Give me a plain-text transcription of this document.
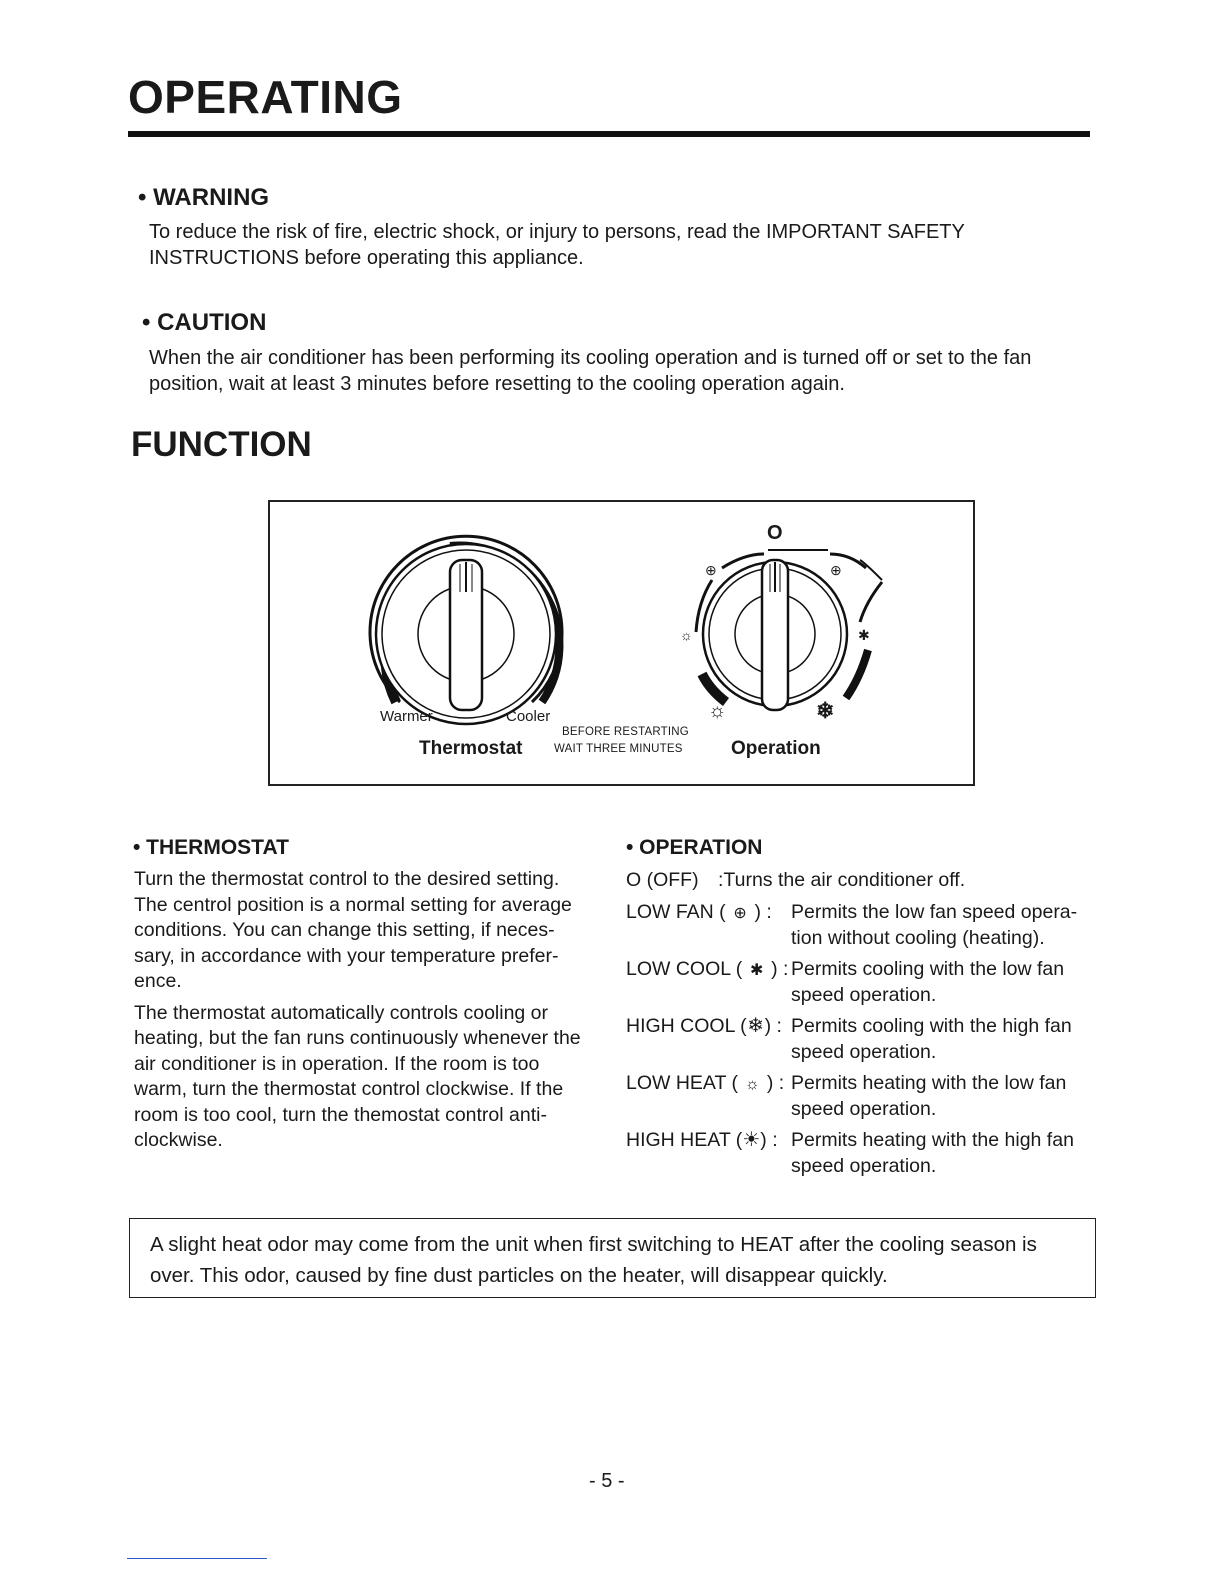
OPERATING
• WARNING
To reduce the risk of fire, electric shock, or injury to persons, read the IMPORTANT SAFETY
INSTRUCTIONS before operating this appliance.
• CAUTION
When the air conditioner has been performing its cooling operation and is turned off or set to the fan
position, wait at least 3 minutes before resetting to the cooling operation again.
FUNCTION
O
⊕	⊕
☼	✱
☼	❄
Warmer	Cooler
BEFORE RESTARTING
WAIT THREE MINUTES
Thermostat	Operation
• THERMOSTAT

Turn the thermostat control to the desired setting. The centrol position is a normal setting for average conditions. You can change this setting, if neces-sary, in accordance with your temperature prefer-ence.

The thermostat automatically controls cooling or heating, but the fan runs continuously whenever the air conditioner is in operation. If the room is too warm, turn the thermostat control clockwise. If the room is too cool, turn the themostat control anti-clockwise.

• OPERATION
O (OFF) :Turns the air conditioner off.
LOW FAN ( ⊕ ) : Permits the low fan speed opera-tion without cooling (heating).
LOW COOL ( ✱ ) : Permits cooling with the low fan speed operation.
HIGH COOL (❄) : Permits cooling with the high fan speed operation.
LOW HEAT ( ☼ ) : Permits heating with the low fan speed operation.
HIGH HEAT (☀) : Permits heating with the high fan speed operation.
A slight heat odor may come from the unit when first switching to HEAT after the cooling season is over. This odor, caused by fine dust particles on the heater, will disappear quickly.
- 5 -
